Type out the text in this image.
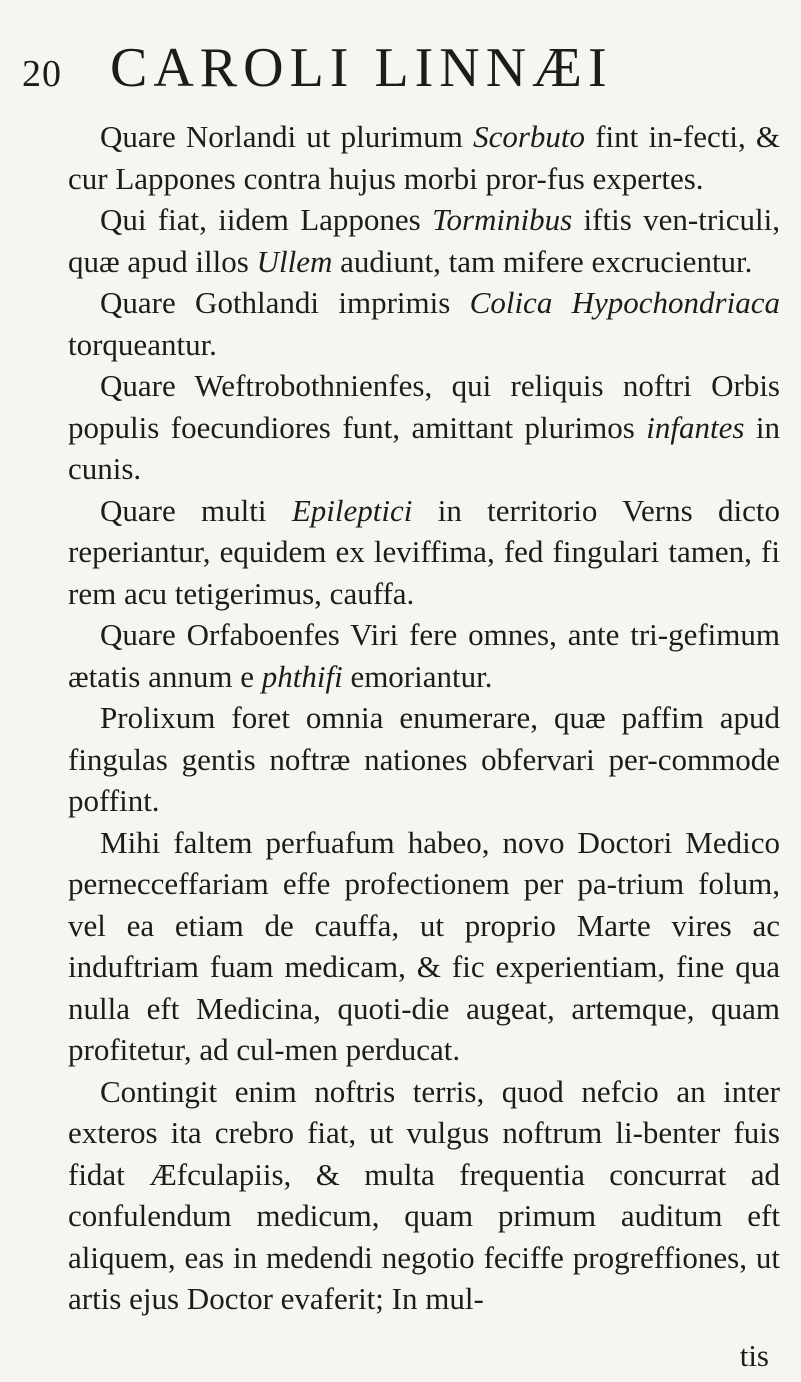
20 CAROLI LINNÆI

Quare Norlandi ut plurimum Scorbuto fint in-fecti, & cur Lappones contra hujus morbi pror-fus expertes.

Qui fiat, iidem Lappones Torminibus iftis ven-triculi, quæ apud illos Ullem audiunt, tam mifere excrucientur.

Quare Gothlandi imprimis Colica Hypochondriaca torqueantur.

Quare Weftrobothnienfes, qui reliquis noftri Orbis populis foecundiores funt, amittant plurimos infantes in cunis.

Quare multi Epileptici in territorio Verns dicto reperiantur, equidem ex leviffima, fed fingulari tamen, fi rem acu tetigerimus, cauffa.

Quare Orfaboenfes Viri fere omnes, ante tri-gefimum ætatis annum e phthifi emoriantur.

Prolixum foret omnia enumerare, quæ paffim apud fingulas gentis noftræ nationes obfervari per-commode poffint.

Mihi faltem perfuafum habeo, novo Doctori Medico pernecceffariam effe profectionem per pa-trium folum, vel ea etiam de cauffa, ut proprio Marte vires ac induftriam fuam medicam, & fic experientiam, fine qua nulla eft Medicina, quoti-die augeat, artemque, quam profitetur, ad cul-men perducat.

Contingit enim noftris terris, quod nefcio an inter exteros ita crebro fiat, ut vulgus noftrum li-benter fuis fidat Æfculapiis, & multa frequentia concurrat ad confulendum medicum, quam primum auditum eft aliquem, eas in medendi negotio feciffe progreffiones, ut artis ejus Doctor evaferit; In mul-

tis
